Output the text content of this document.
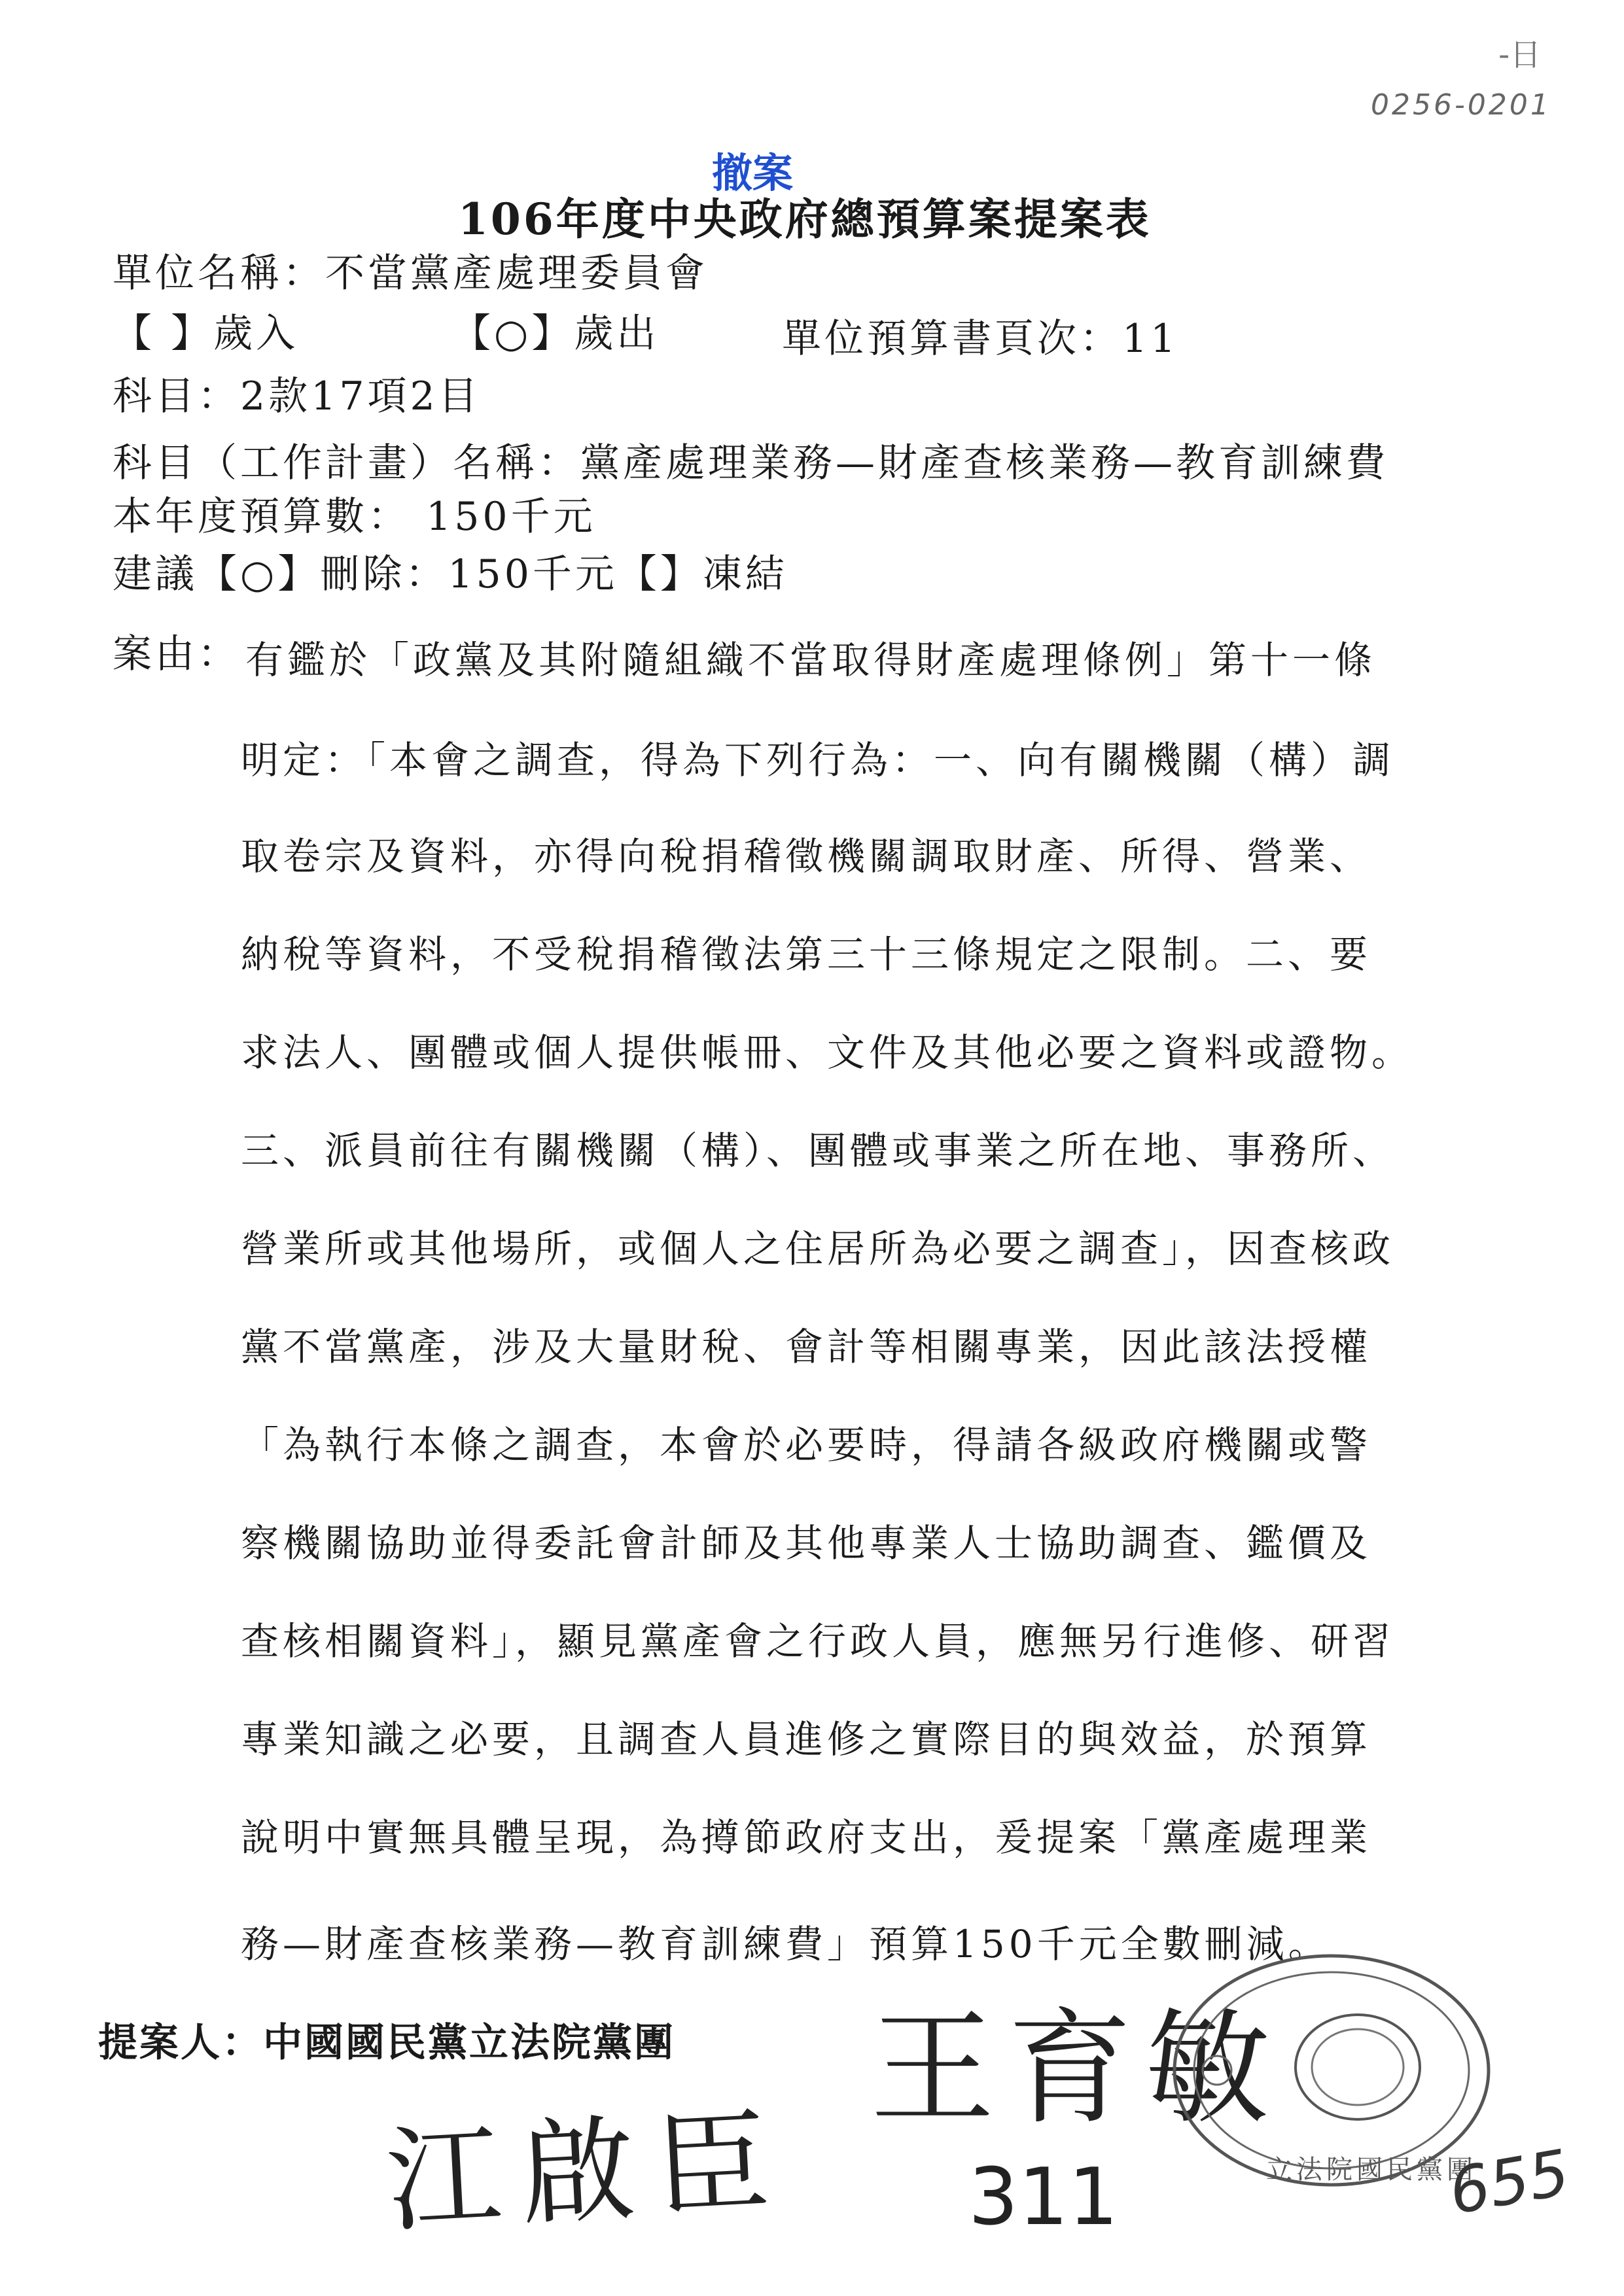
-日
0256-0201
撤案
106年度中央政府總預算案提案表
單位名稱：不當黨產處理委員會
【 】歲入	【○】歲出	單位預算書頁次：11
科目：2款17項2目
科目（工作計畫）名稱：黨產處理業務—財產查核業務—教育訓練費
本年度預算數： 150千元
建議【○】刪除：150千元【】凍結
案由： 有鑑於「政黨及其附隨組織不當取得財產處理條例」第十一條
明定：「本會之調查，得為下列行為：一、向有關機關（構）調
取卷宗及資料，亦得向稅捐稽徵機關調取財產、所得、營業、
納稅等資料，不受稅捐稽徵法第三十三條規定之限制。二、要
求法人、團體或個人提供帳冊、文件及其他必要之資料或證物。
三、派員前往有關機關（構）、團體或事業之所在地、事務所、
營業所或其他場所，或個人之住居所為必要之調查」，因查核政
黨不當黨產，涉及大量財稅、會計等相關專業，因此該法授權
「為執行本條之調查，本會於必要時，得請各級政府機關或警
察機關協助並得委託會計師及其他專業人士協助調查、鑑價及
查核相關資料」，顯見黨產會之行政人員，應無另行進修、研習
專業知識之必要，且調查人員進修之實際目的與效益，於預算
說明中實無具體呈現，為撙節政府支出，爰提案「黨產處理業
務—財產查核業務—教育訓練費」預算150千元全數刪減。
提案人：中國國民黨立法院黨團 王育敏
江啟臣 311	立法院國民黨團
655
